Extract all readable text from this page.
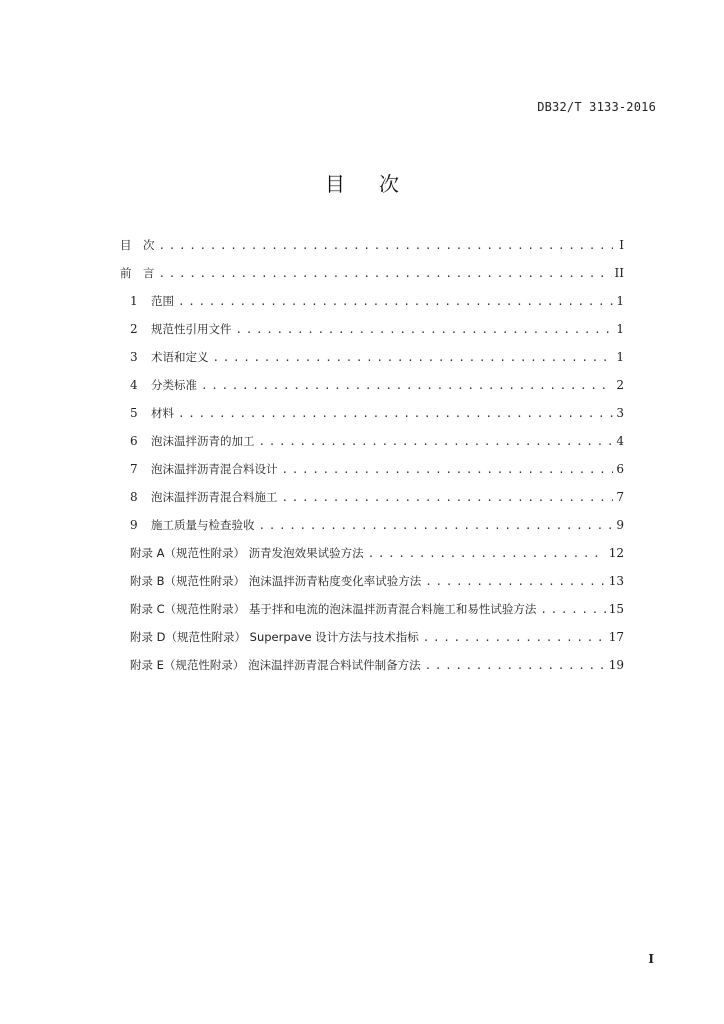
DB32/T 3133-2016
目 次
目　次 . . .	I
前　言 . . .	II
1	范围 . . .	1
2	规范性引用文件 . . .	1
3	术语和定义 . . .	1
4	分类标准 . . .	2
5	材料 . . .	3
6	泡沫温拌沥青的加工 . . .	4
7	泡沫温拌沥青混合料设计 . . .	6
8	泡沫温拌沥青混合料施工 . . .	7
9	施工质量与检查验收 . . .	9
附录 A（规范性附录） 沥青发泡效果试验方法 . . .	12
附录 B（规范性附录） 泡沫温拌沥青粘度变化率试验方法 . . .	13
附录 C（规范性附录） 基于拌和电流的泡沫温拌沥青混合料施工和易性试验方法 . . .	15
附录 D（规范性附录） Superpave 设计方法与技术指标 . . .	17
附录 E（规范性附录） 泡沫温拌沥青混合料试件制备方法 . . .	19
I
